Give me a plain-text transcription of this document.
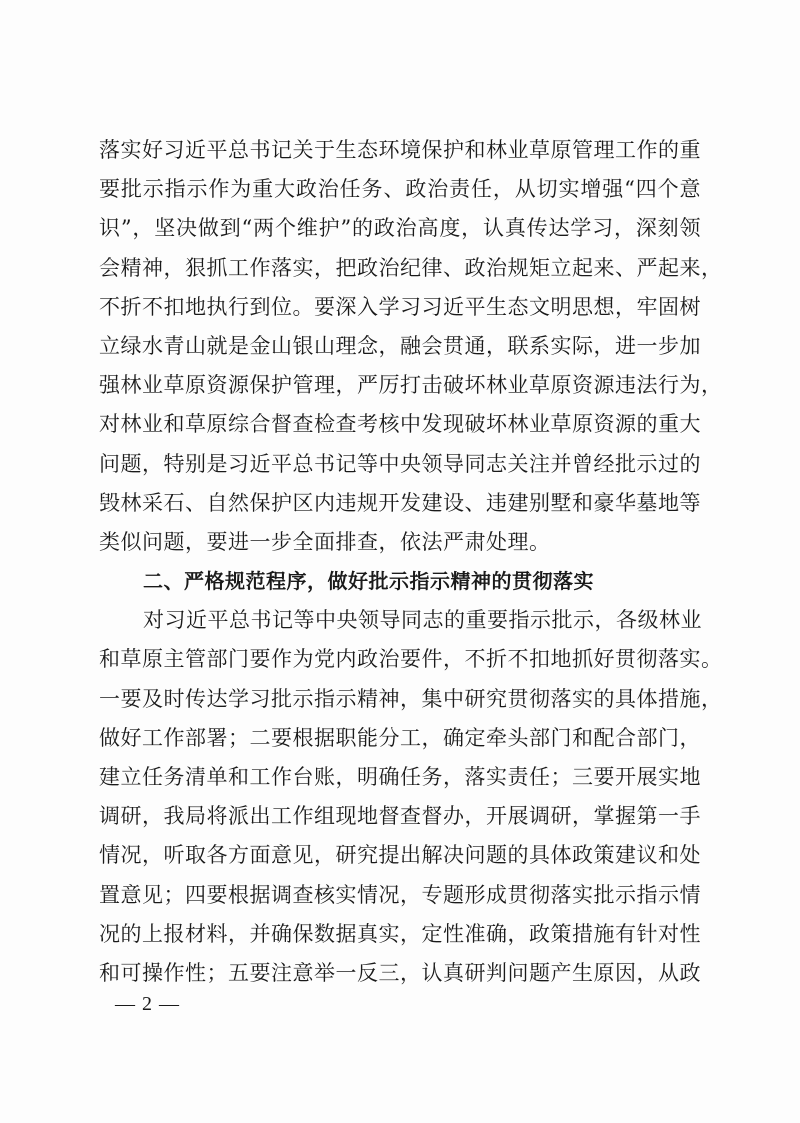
落实好习近平总书记关于生态环境保护和林业草原管理工作的重
要批示指示作为重大政治任务、政治责任，从切实增强“四个意
识”，坚决做到“两个维护”的政治高度，认真传达学习，深刻领
会精神，狠抓工作落实，把政治纪律、政治规矩立起来、严起来，
不折不扣地执行到位。要深入学习习近平生态文明思想，牢固树
立绿水青山就是金山银山理念，融会贯通，联系实际，进一步加
强林业草原资源保护管理，严厉打击破坏林业草原资源违法行为，
对林业和草原综合督查检查考核中发现破坏林业草原资源的重大
问题，特别是习近平总书记等中央领导同志关注并曾经批示过的
毁林采石、自然保护区内违规开发建设、违建别墅和豪华墓地等
类似问题，要进一步全面排查，依法严肃处理。
二、严格规范程序，做好批示指示精神的贯彻落实
对习近平总书记等中央领导同志的重要指示批示，各级林业
和草原主管部门要作为党内政治要件，不折不扣地抓好贯彻落实。
一要及时传达学习批示指示精神，集中研究贯彻落实的具体措施，
做好工作部署；二要根据职能分工，确定牵头部门和配合部门，
建立任务清单和工作台账，明确任务，落实责任；三要开展实地
调研，我局将派出工作组现地督查督办，开展调研，掌握第一手
情况，听取各方面意见，研究提出解决问题的具体政策建议和处
置意见；四要根据调查核实情况，专题形成贯彻落实批示指示情
况的上报材料，并确保数据真实，定性准确，政策措施有针对性
和可操作性；五要注意举一反三，认真研判问题产生原因，从政
— 2 —
